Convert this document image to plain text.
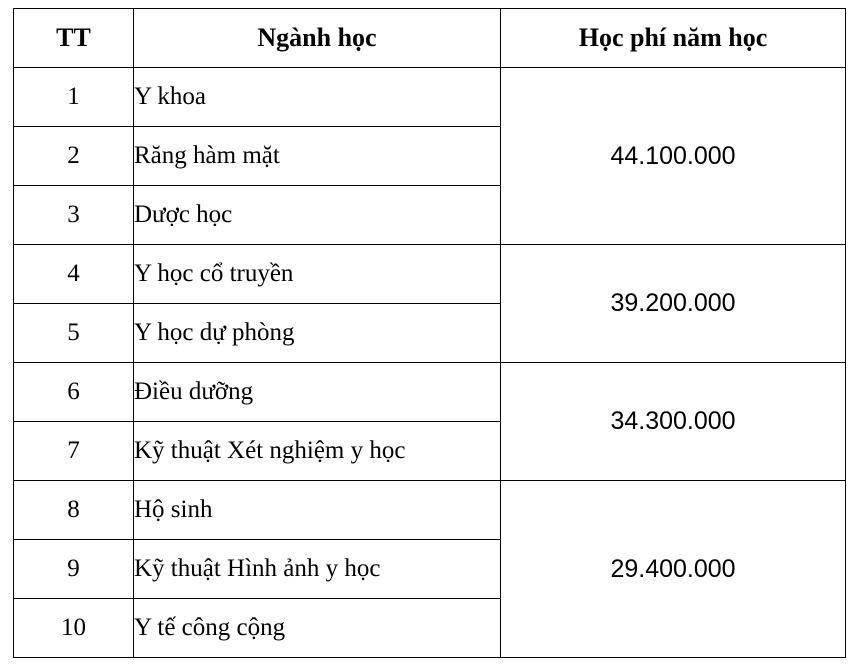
TT	Ngành học	Học phí năm học
1	Y khoa	44.100.000
2	Răng hàm mặt	
3	Dược học	
4	Y học cổ truyền	39.200.000
5	Y học dự phòng	
6	Điều dưỡng	34.300.000
7	Kỹ thuật Xét nghiệm y học	
8	Hộ sinh	29.400.000
9	Kỹ thuật Hình ảnh y học	
10	Y tế công cộng	
